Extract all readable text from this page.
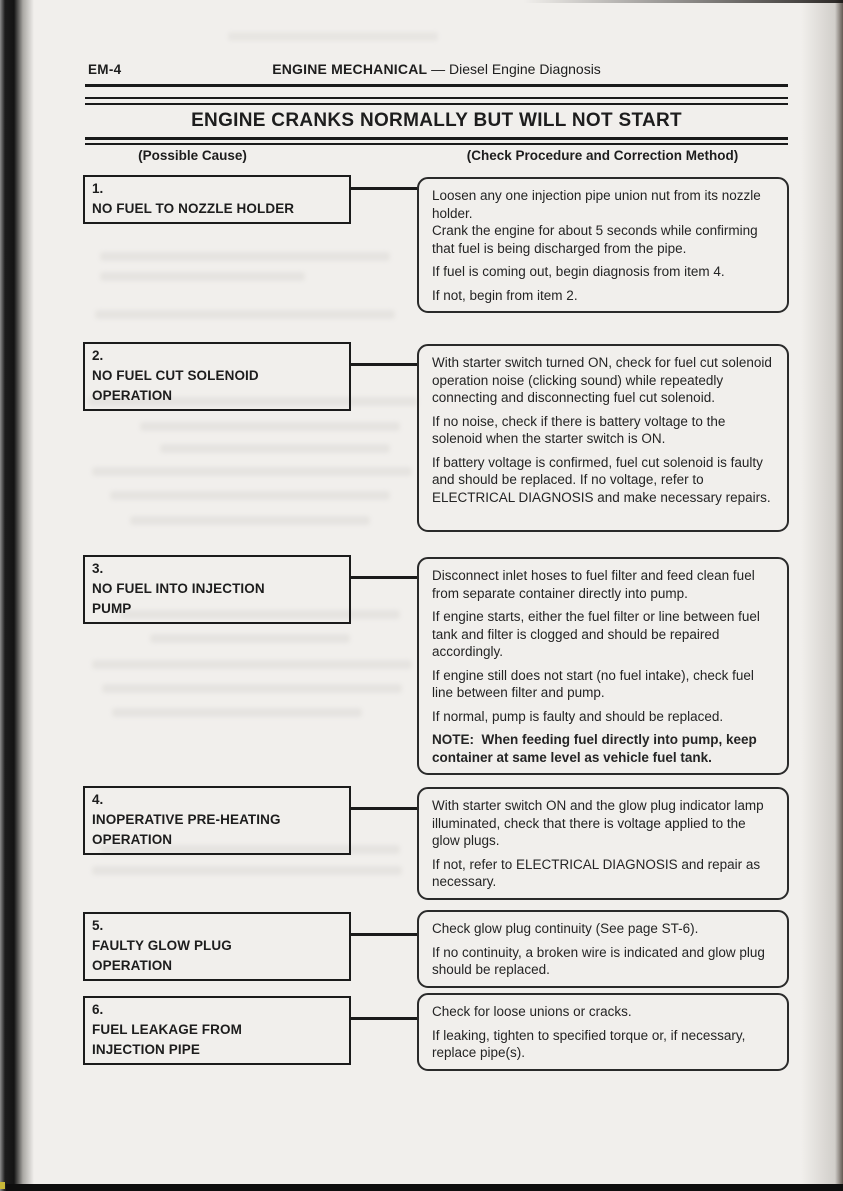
EM-4	ENGINE MECHANICAL — Diesel Engine Diagnosis
ENGINE CRANKS NORMALLY BUT WILL NOT START
(Possible Cause)	(Check Procedure and Correction Method)
1.NO FUEL TO NOZZLE HOLDER

Loosen any one injection pipe union nut from its nozzle holder.

Crank the engine for about 5 seconds while confirming that fuel is being discharged from the pipe.

If fuel is coming out, begin diagnosis from item 4.

If not, begin from item 2.

2.NO FUEL CUT SOLENOID
OPERATION

With starter switch turned ON, check for fuel cut solenoid operation noise (clicking sound) while repeatedly connecting and disconnecting fuel cut solenoid.

If no noise, check if there is battery voltage to the solenoid when the starter switch is ON.

If battery voltage is confirmed, fuel cut solenoid is faulty and should be replaced. If no voltage, refer to ELECTRICAL DIAGNOSIS and make necessary repairs.

3.NO FUEL INTO INJECTION
PUMP

Disconnect inlet hoses to fuel filter and feed clean fuel from separate container directly into pump.

If engine starts, either the fuel filter or line between fuel tank and filter is clogged and should be repaired accordingly.

If engine still does not start (no fuel intake), check fuel line between filter and pump.

If normal, pump is faulty and should be replaced.

NOTE:  When feeding fuel directly into pump, keep container at same level as vehicle fuel tank.

4.INOPERATIVE PRE-HEATING
OPERATION

With starter switch ON and the glow plug indicator lamp illuminated, check that there is voltage applied to the glow plugs.

If not, refer to ELECTRICAL DIAGNOSIS and repair as necessary.

5.FAULTY GLOW PLUG
OPERATION

Check glow plug continuity (See page ST-6).

If no continuity, a broken wire is indicated and glow plug should be replaced.

6.FUEL LEAKAGE FROM
INJECTION PIPE

Check for loose unions or cracks.

If leaking, tighten to specified torque or, if necessary, replace pipe(s).
